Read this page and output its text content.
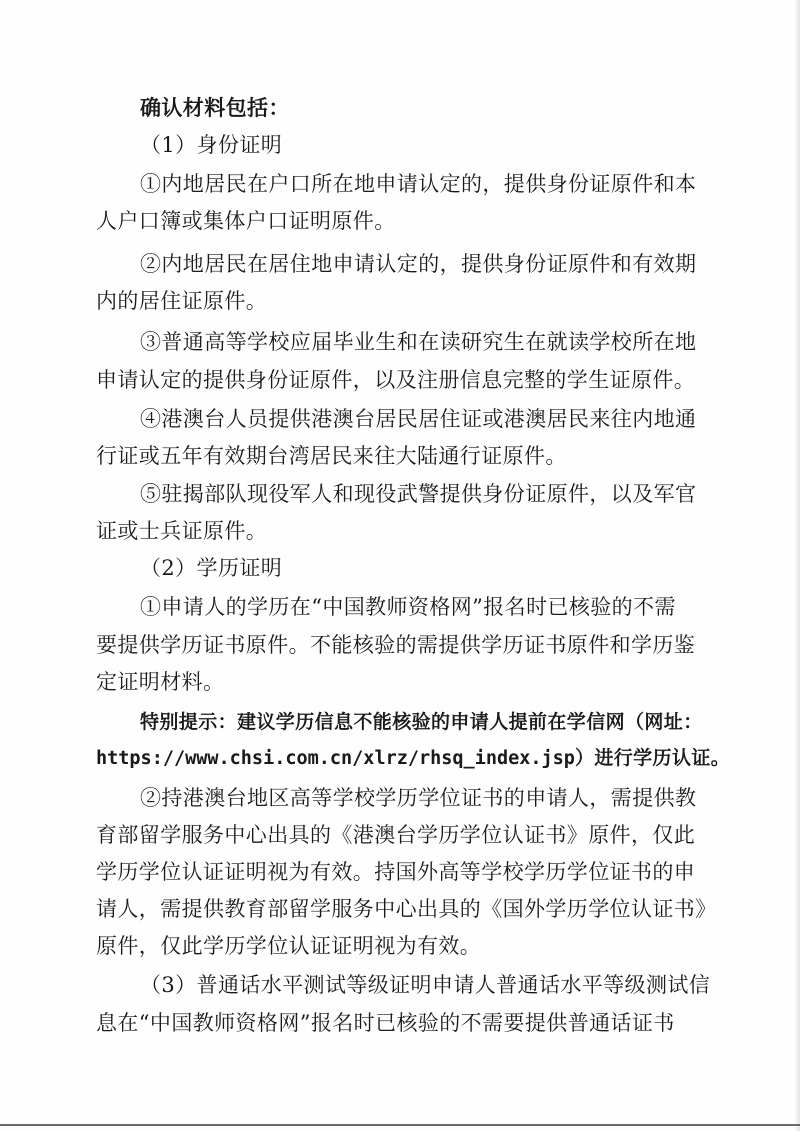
确认材料包括：
（1）身份证明
①内地居民在户口所在地申请认定的，提供身份证原件和本
人户口簿或集体户口证明原件。
②内地居民在居住地申请认定的，提供身份证原件和有效期
内的居住证原件。
③普通高等学校应届毕业生和在读研究生在就读学校所在地
申请认定的提供身份证原件，以及注册信息完整的学生证原件。
④港澳台人员提供港澳台居民居住证或港澳居民来往内地通
行证或五年有效期台湾居民来往大陆通行证原件。
⑤驻揭部队现役军人和现役武警提供身份证原件，以及军官
证或士兵证原件。
（2）学历证明
①申请人的学历在“中国教师资格网”报名时已核验的不需
要提供学历证书原件。不能核验的需提供学历证书原件和学历鉴
定证明材料。
特别提示：建议学历信息不能核验的申请人提前在学信网（网址：
https://www.chsi.com.cn/xlrz/rhsq_index.jsp）进行学历认证。
②持港澳台地区高等学校学历学位证书的申请人，需提供教
育部留学服务中心出具的《港澳台学历学位认证书》原件，仅此
学历学位认证证明视为有效。持国外高等学校学历学位证书的申
请人，需提供教育部留学服务中心出具的《国外学历学位认证书》
原件，仅此学历学位认证证明视为有效。
（3）普通话水平测试等级证明申请人普通话水平等级测试信
息在“中国教师资格网”报名时已核验的不需要提供普通话证书
